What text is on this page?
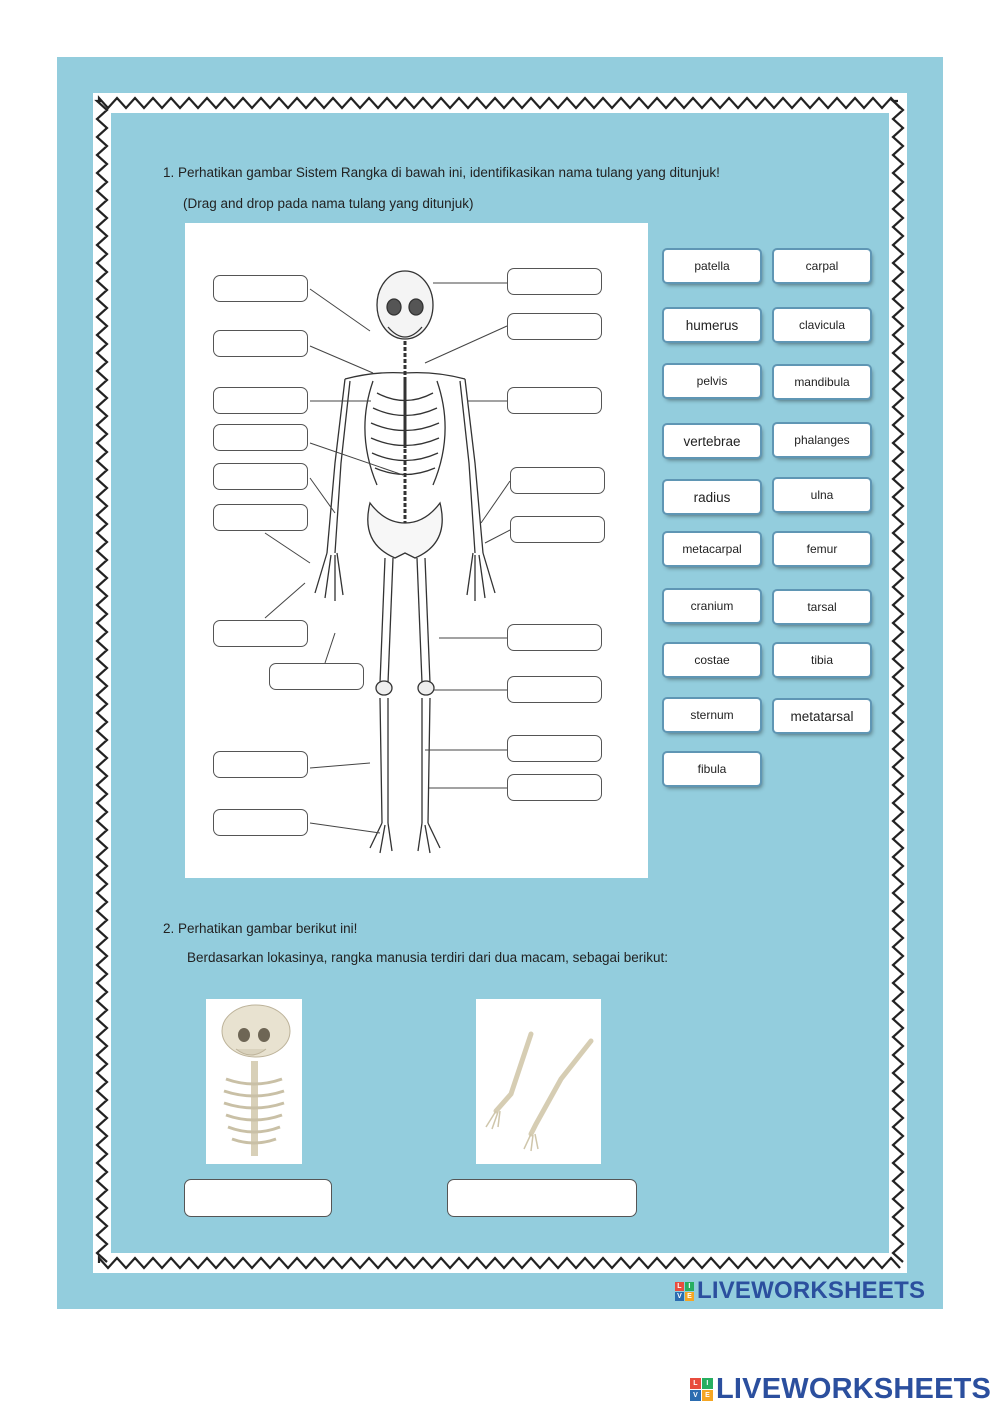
1. Perhatikan gambar Sistem Rangka di bawah ini, identifikasikan nama tulang yang ditunjuk!
(Drag and drop pada nama tulang yang ditunjuk)
patella	carpal
humerus	clavicula
pelvis	mandibula
vertebrae	phalanges
radius	ulna
metacarpal	femur
cranium	tarsal
costae	tibia
sternum	metatarsal
fibula
2. Perhatikan gambar berikut ini!
Berdasarkan lokasinya, rangka manusia terdiri dari dua macam, sebagai berikut:
L I
V E LIVEWORKSHEETS
L	I
V	E LIVEWORKSHEETS
